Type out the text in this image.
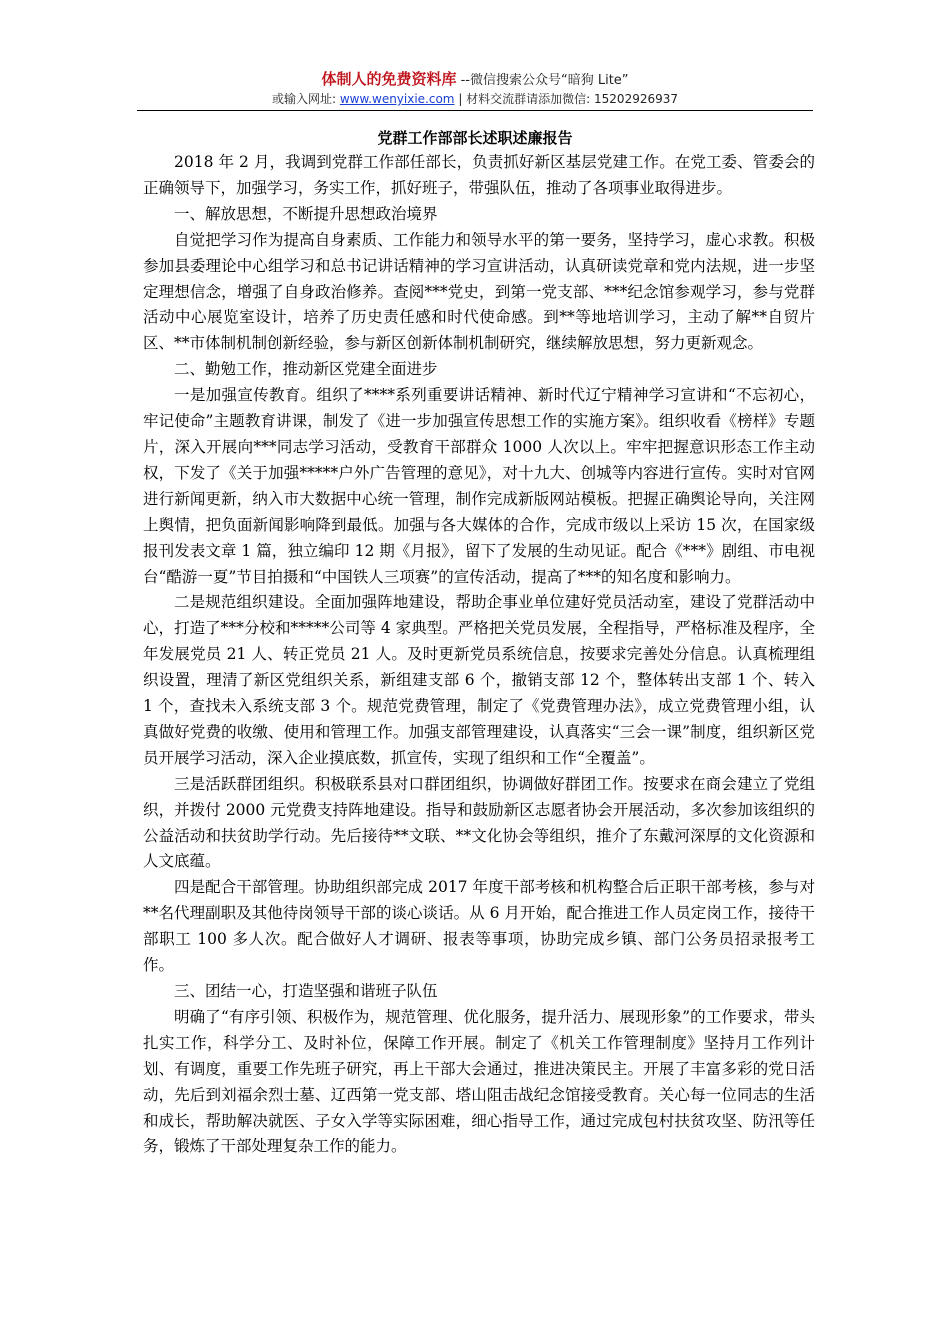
体制人的免费资料库 --微信搜索公众号“暗狗 Lite”
或输入网址: www.wenyixie.com | 材料交流群请添加微信: 15202926937
党群工作部部长述职述廉报告

2018 年 2 月，我调到党群工作部任部长，负责抓好新区基层党建工作。在党工委、管委会的正确领导下，加强学习，务实工作，抓好班子，带强队伍，推动了各项事业取得进步。

一、解放思想，不断提升思想政治境界

自觉把学习作为提高自身素质、工作能力和领导水平的第一要务，坚持学习，虚心求教。积极参加县委理论中心组学习和总书记讲话精神的学习宣讲活动，认真研读党章和党内法规，进一步坚定理想信念，增强了自身政治修养。查阅***党史，到第一党支部、***纪念馆参观学习，参与党群活动中心展览室设计，培养了历史责任感和时代使命感。到**等地培训学习，主动了解**自贸片区、**市体制机制创新经验，参与新区创新体制机制研究，继续解放思想，努力更新观念。

二、勤勉工作，推动新区党建全面进步

一是加强宣传教育。组织了****系列重要讲话精神、新时代辽宁精神学习宣讲和“不忘初心，牢记使命”主题教育讲课，制发了《进一步加强宣传思想工作的实施方案》。组织收看《榜样》专题片，深入开展向***同志学习活动，受教育干部群众 1000 人次以上。牢牢把握意识形态工作主动权，下发了《关于加强*****户外广告管理的意见》，对十九大、创城等内容进行宣传。实时对官网进行新闻更新，纳入市大数据中心统一管理，制作完成新版网站模板。把握正确舆论导向，关注网上舆情，把负面新闻影响降到最低。加强与各大媒体的合作，完成市级以上采访 15 次，在国家级报刊发表文章 1 篇，独立编印 12 期《月报》，留下了发展的生动见证。配合《***》剧组、市电视台“酷游一夏”节目拍摄和“中国铁人三项赛”的宣传活动，提高了***的知名度和影响力。

二是规范组织建设。全面加强阵地建设，帮助企事业单位建好党员活动室，建设了党群活动中心，打造了***分校和*****公司等 4 家典型。严格把关党员发展，全程指导，严格标准及程序，全年发展党员 21 人、转正党员 21 人。及时更新党员系统信息，按要求完善处分信息。认真梳理组织设置，理清了新区党组织关系，新组建支部 6 个，撤销支部 12 个，整体转出支部 1 个、转入 1 个，查找未入系统支部 3 个。规范党费管理，制定了《党费管理办法》，成立党费管理小组，认真做好党费的收缴、使用和管理工作。加强支部管理建设，认真落实“三会一课”制度，组织新区党员开展学习活动，深入企业摸底数，抓宣传，实现了组织和工作“全覆盖”。

三是活跃群团组织。积极联系县对口群团组织，协调做好群团工作。按要求在商会建立了党组织，并拨付 2000 元党费支持阵地建设。指导和鼓励新区志愿者协会开展活动，多次参加该组织的公益活动和扶贫助学行动。先后接待**文联、**文化协会等组织，推介了东戴河深厚的文化资源和人文底蕴。

四是配合干部管理。协助组织部完成 2017 年度干部考核和机构整合后正职干部考核，参与对**名代理副职及其他待岗领导干部的谈心谈话。从 6 月开始，配合推进工作人员定岗工作，接待干部职工 100 多人次。配合做好人才调研、报表等事项，协助完成乡镇、部门公务员招录报考工作。

三、团结一心，打造坚强和谐班子队伍

明确了“有序引领、积极作为，规范管理、优化服务，提升活力、展现形象”的工作要求，带头扎实工作，科学分工、及时补位，保障工作开展。制定了《机关工作管理制度》坚持月工作列计划、有调度，重要工作先班子研究，再上干部大会通过，推进决策民主。开展了丰富多彩的党日活动，先后到刘福余烈士墓、辽西第一党支部、塔山阻击战纪念馆接受教育。关心每一位同志的生活和成长，帮助解决就医、子女入学等实际困难，细心指导工作，通过完成包村扶贫攻坚、防汛等任务，锻炼了干部处理复杂工作的能力。
